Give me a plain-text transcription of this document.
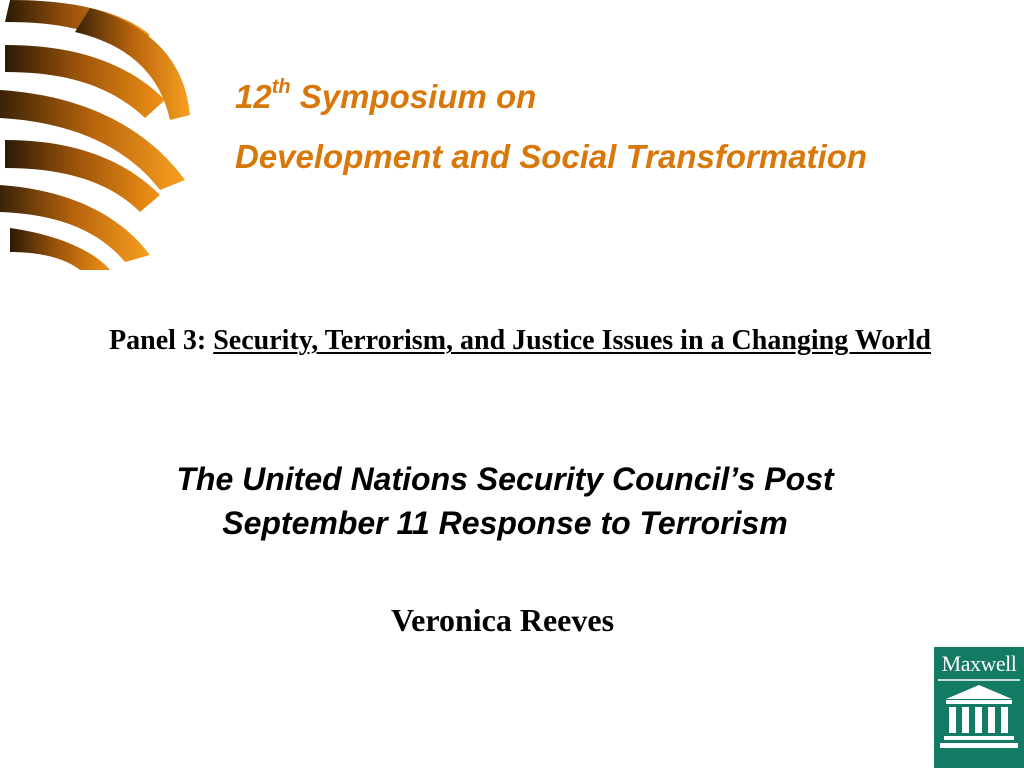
12th Symposium on
Development and Social Transformation
Panel 3: Security, Terrorism, and Justice Issues in a Changing World
The United Nations Security Council’s Post
September 11 Response to Terrorism
Veronica Reeves
Maxwell
